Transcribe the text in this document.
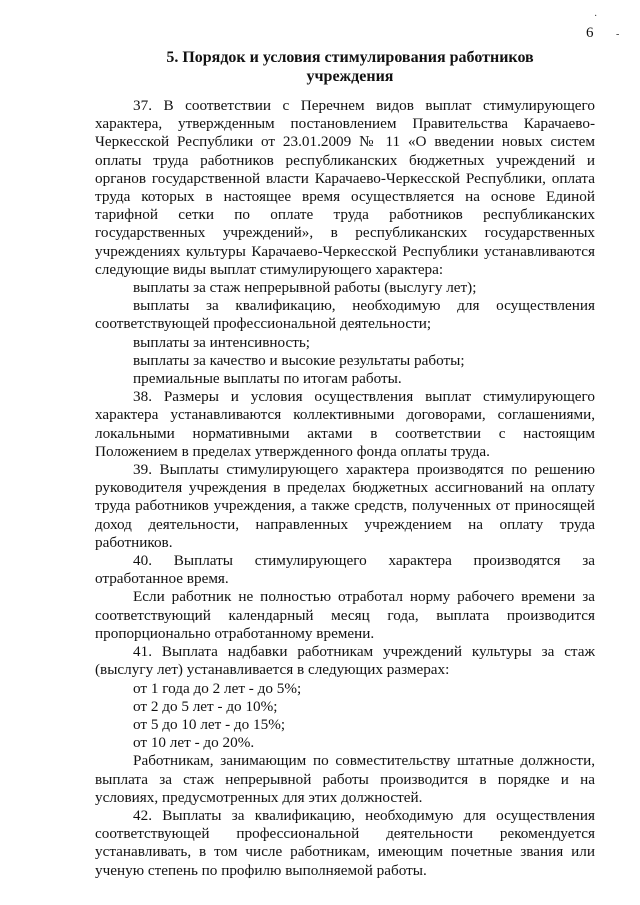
·
-
6
5. Порядок и условия стимулирования работников
учреждения

37. В соответствии с Перечнем видов выплат стимулирующего характера, утвержденным постановлением Правительства Карачаево-Черкесской Республики от 23.01.2009 № 11 «О введении новых систем оплаты труда работников республиканских бюджетных учреждений и органов государственной власти Карачаево-Черкесской Республики, оплата труда которых в настоящее время осуществляется на основе Единой тарифной сетки по оплате труда работников республиканских государственных учреждений», в республиканских государственных учреждениях культуры Карачаево-Черкесской Республики устанавливаются следующие виды выплат стимулирующего характера:

выплаты за стаж непрерывной работы (выслугу лет);

выплаты за квалификацию, необходимую для осуществления соответствующей профессиональной деятельности;

выплаты за интенсивность;

выплаты за качество и высокие результаты работы;

премиальные выплаты по итогам работы.

38. Размеры и условия осуществления выплат стимулирующего характера устанавливаются коллективными договорами, соглашениями, локальными нормативными актами в соответствии с настоящим Положением в пределах утвержденного фонда оплаты труда.

39. Выплаты стимулирующего характера производятся по решению руководителя учреждения в пределах бюджетных ассигнований на оплату труда работников учреждения, а также средств, полученных от приносящей доход деятельности, направленных учреждением на оплату труда работников.

40. Выплаты стимулирующего характера производятся за отработанное время.

Если работник не полностью отработал норму рабочего времени за соответствующий календарный месяц года, выплата производится пропорционально отработанному времени.

41. Выплата надбавки работникам учреждений культуры за стаж (выслугу лет) устанавливается в следующих размерах:

от 1 года до 2 лет - до 5%;

от 2 до 5 лет - до 10%;

от 5 до 10 лет - до 15%;

от 10 лет - до 20%.

Работникам, занимающим по совместительству штатные должности, выплата за стаж непрерывной работы производится в порядке и на условиях, предусмотренных для этих должностей.

42. Выплаты за квалификацию, необходимую для осуществления соответствующей профессиональной деятельности рекомендуется устанавливать, в том числе работникам, имеющим почетные звания или ученую степень по профилю выполняемой работы.
